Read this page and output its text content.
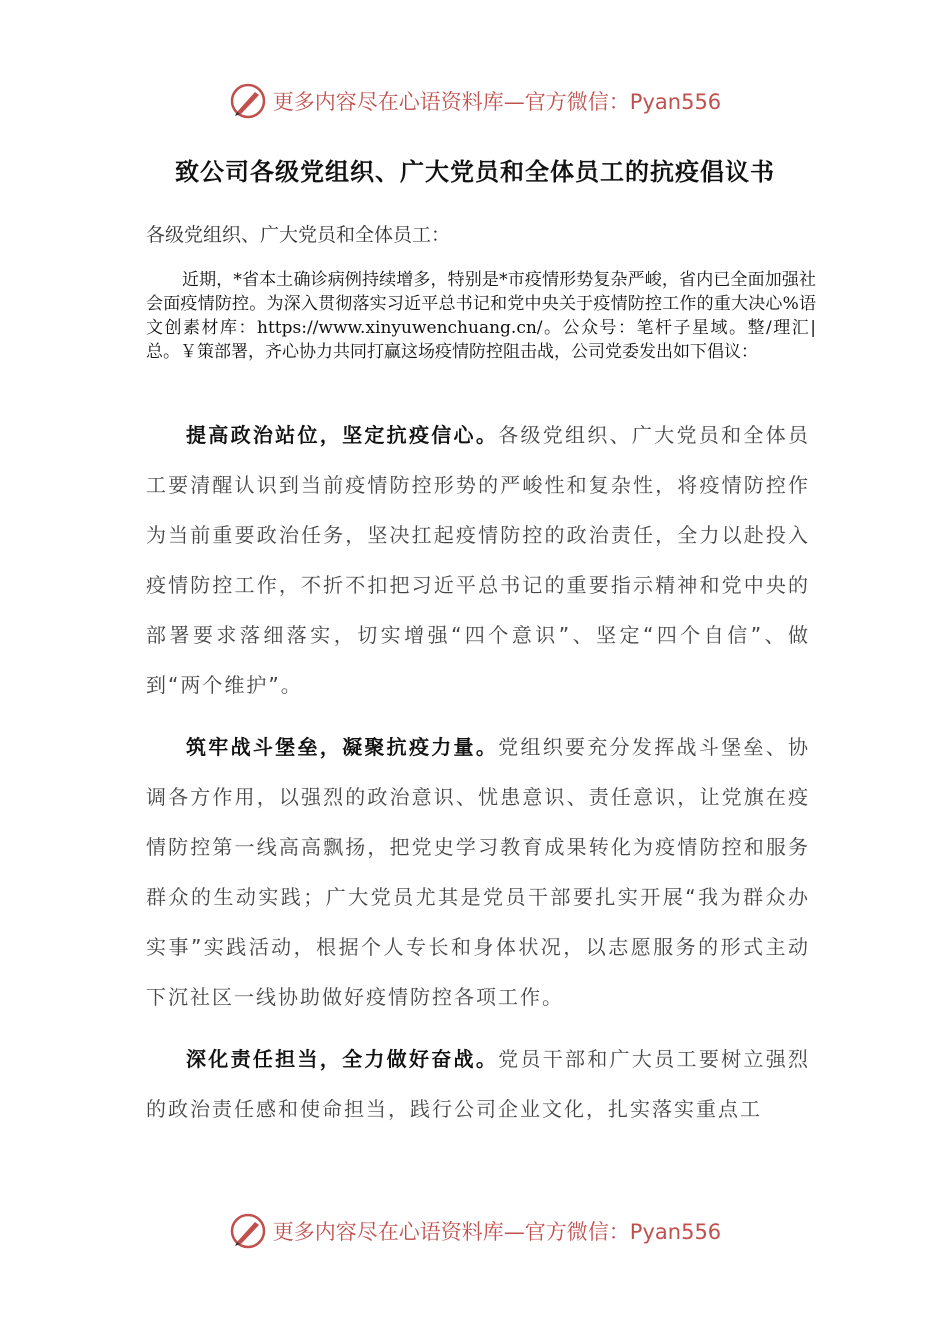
更多内容尽在心语资料库—官方微信：Pyan556
致公司各级党组织、广大党员和全体员工的抗疫倡议书
各级党组织、广大党员和全体员工：
近期，*省本土确诊病例持续增多，特别是*市疫情形势复杂严峻，省内已全面加强社会面疫情防控。为深入贯彻落实习近平总书记和党中央关于疫情防控工作的重大决心%语文创素材库：https://www.xinyuwenchuang.cn/。公众号：笔杆子星域。整/理汇|总。￥策部署，齐心协力共同打赢这场疫情防控阻击战，公司党委发出如下倡议：
提高政治站位，坚定抗疫信心。各级党组织、广大党员和全体员工要清醒认识到当前疫情防控形势的严峻性和复杂性，将疫情防控作为当前重要政治任务，坚决扛起疫情防控的政治责任，全力以赴投入疫情防控工作，不折不扣把习近平总书记的重要指示精神和党中央的部署要求落细落实，切实增强“四个意识”、坚定“四个自信”、做到“两个维护”。
筑牢战斗堡垒，凝聚抗疫力量。党组织要充分发挥战斗堡垒、协调各方作用，以强烈的政治意识、忧患意识、责任意识，让党旗在疫情防控第一线高高飘扬，把党史学习教育成果转化为疫情防控和服务群众的生动实践；广大党员尤其是党员干部要扎实开展“我为群众办实事”实践活动，根据个人专长和身体状况，以志愿服务的形式主动下沉社区一线协助做好疫情防控各项工作。
深化责任担当，全力做好奋战。党员干部和广大员工要树立强烈的政治责任感和使命担当，践行公司企业文化，扎实落实重点工
更多内容尽在心语资料库—官方微信：Pyan556
